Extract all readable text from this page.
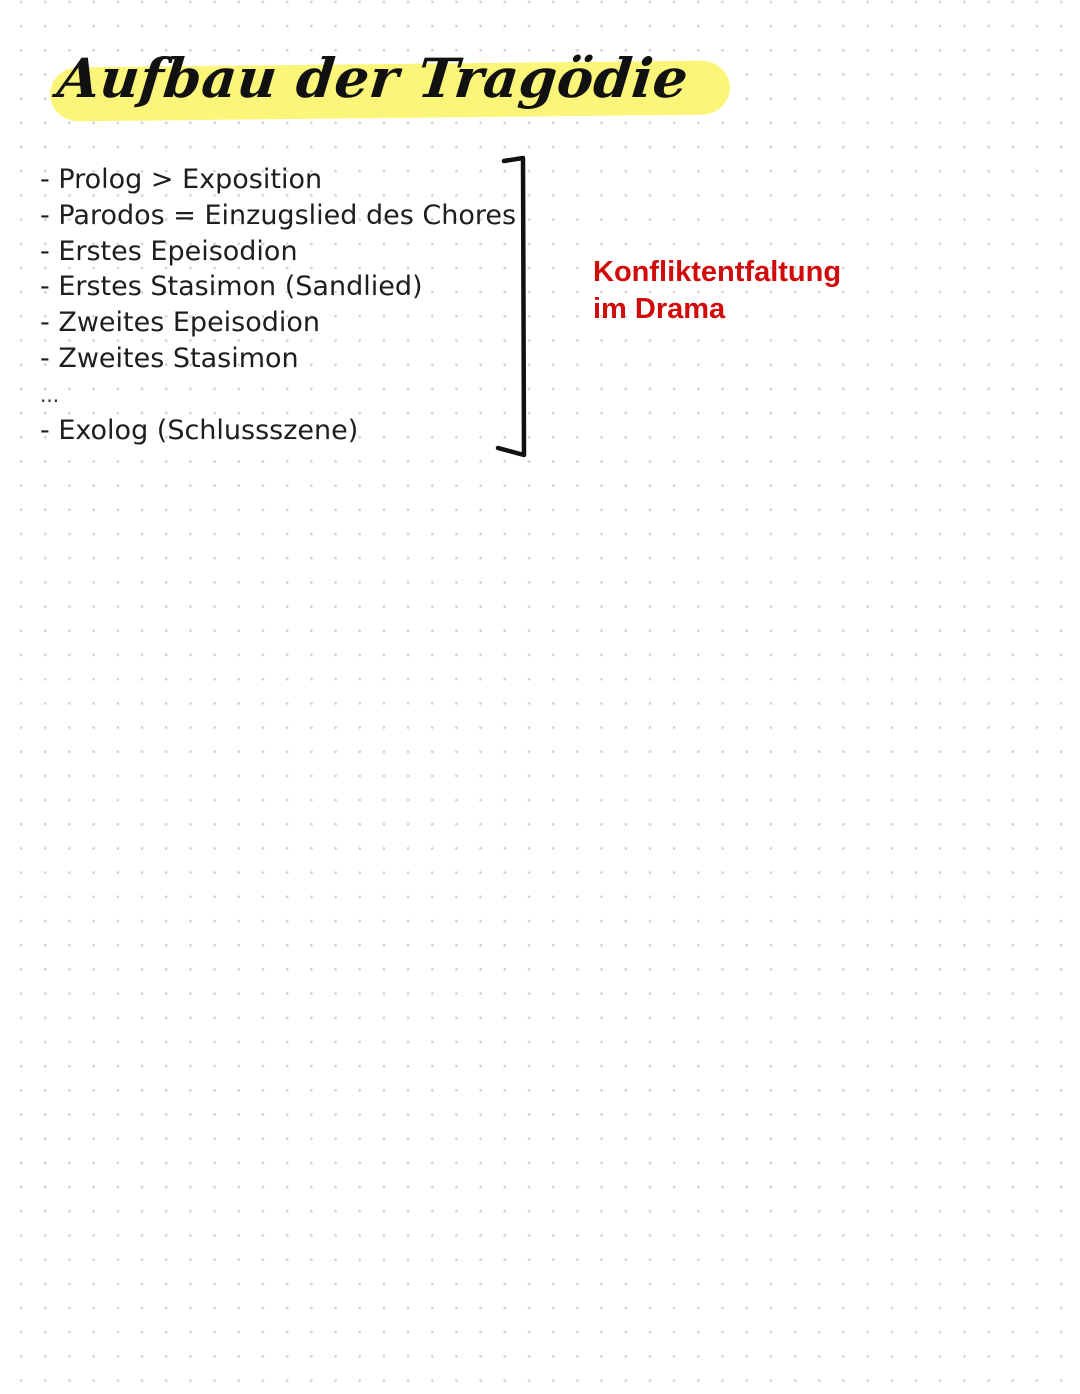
Aufbau der Tragödie
- Prolog > Exposition
- Parodos = Einzugslied des Chores
- Erstes Epeisodion
- Erstes Stasimon (Sandlied)
- Zweites Epeisodion
- Zweites Stasimon
...
- Exolog (Schlussszene)

Konfliktentfaltung
im Drama
